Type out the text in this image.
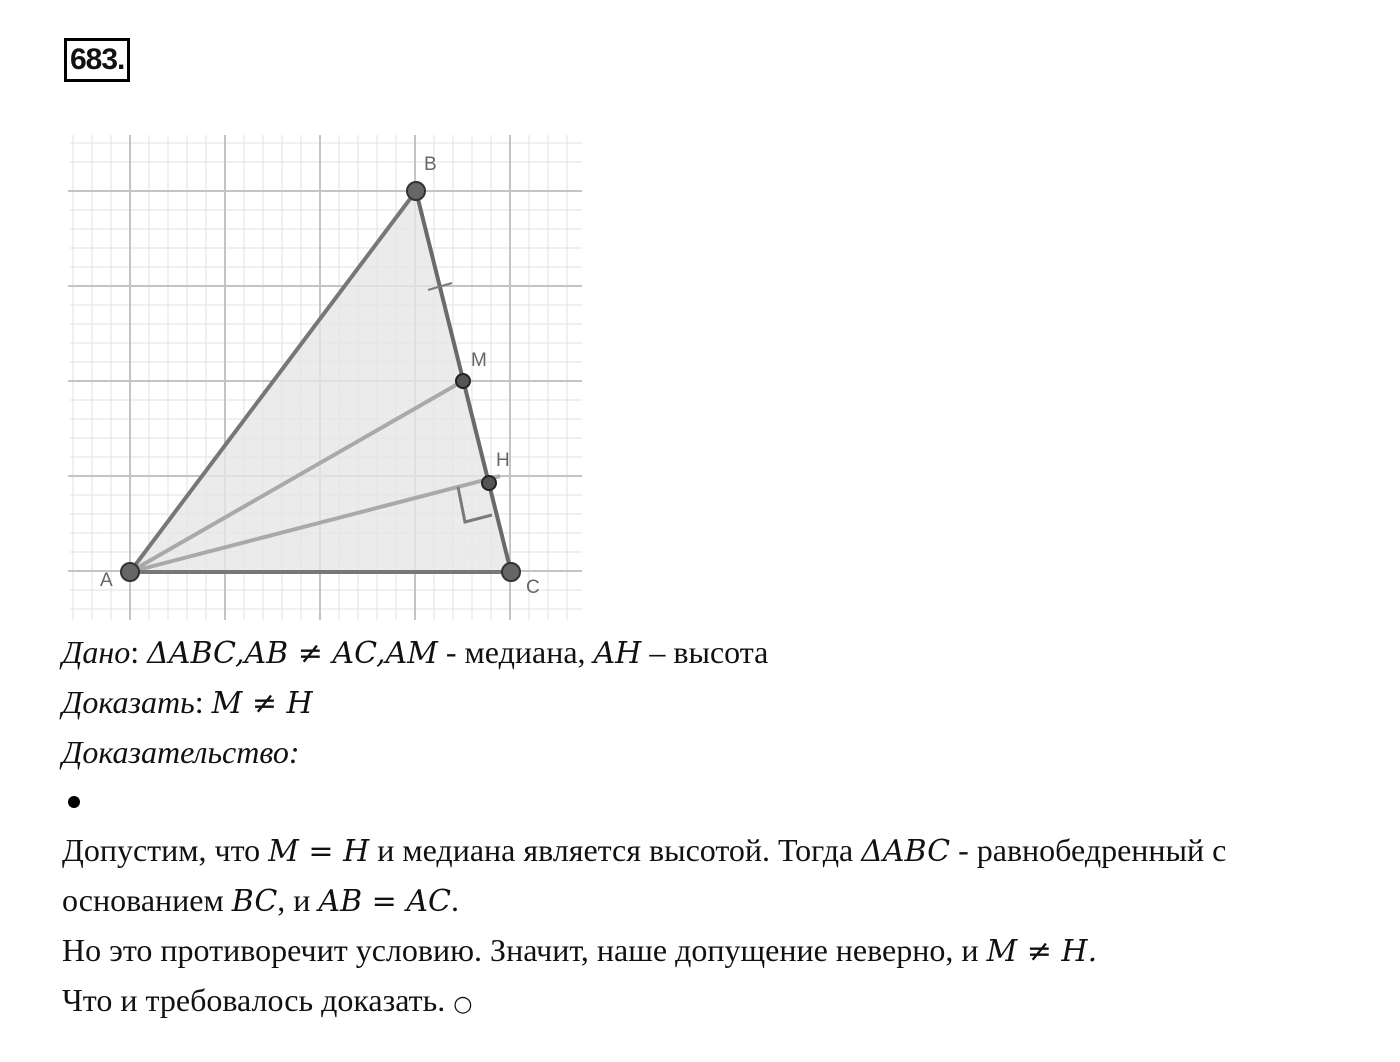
683.
A
B
C
M
H
Дано: ΔABC,AB ≠ AC,AM - медиана, AH – высота
Доказать: M ≠ H
Доказательство:
Допустим, что M = H и медиана является высотой. Тогда ΔABC - равнобедренный с
основанием BC, и AB = AC.
Но это противоречит условию. Значит, наше допущение неверно, и M ≠ H.
Что и требовалось доказать. ○
